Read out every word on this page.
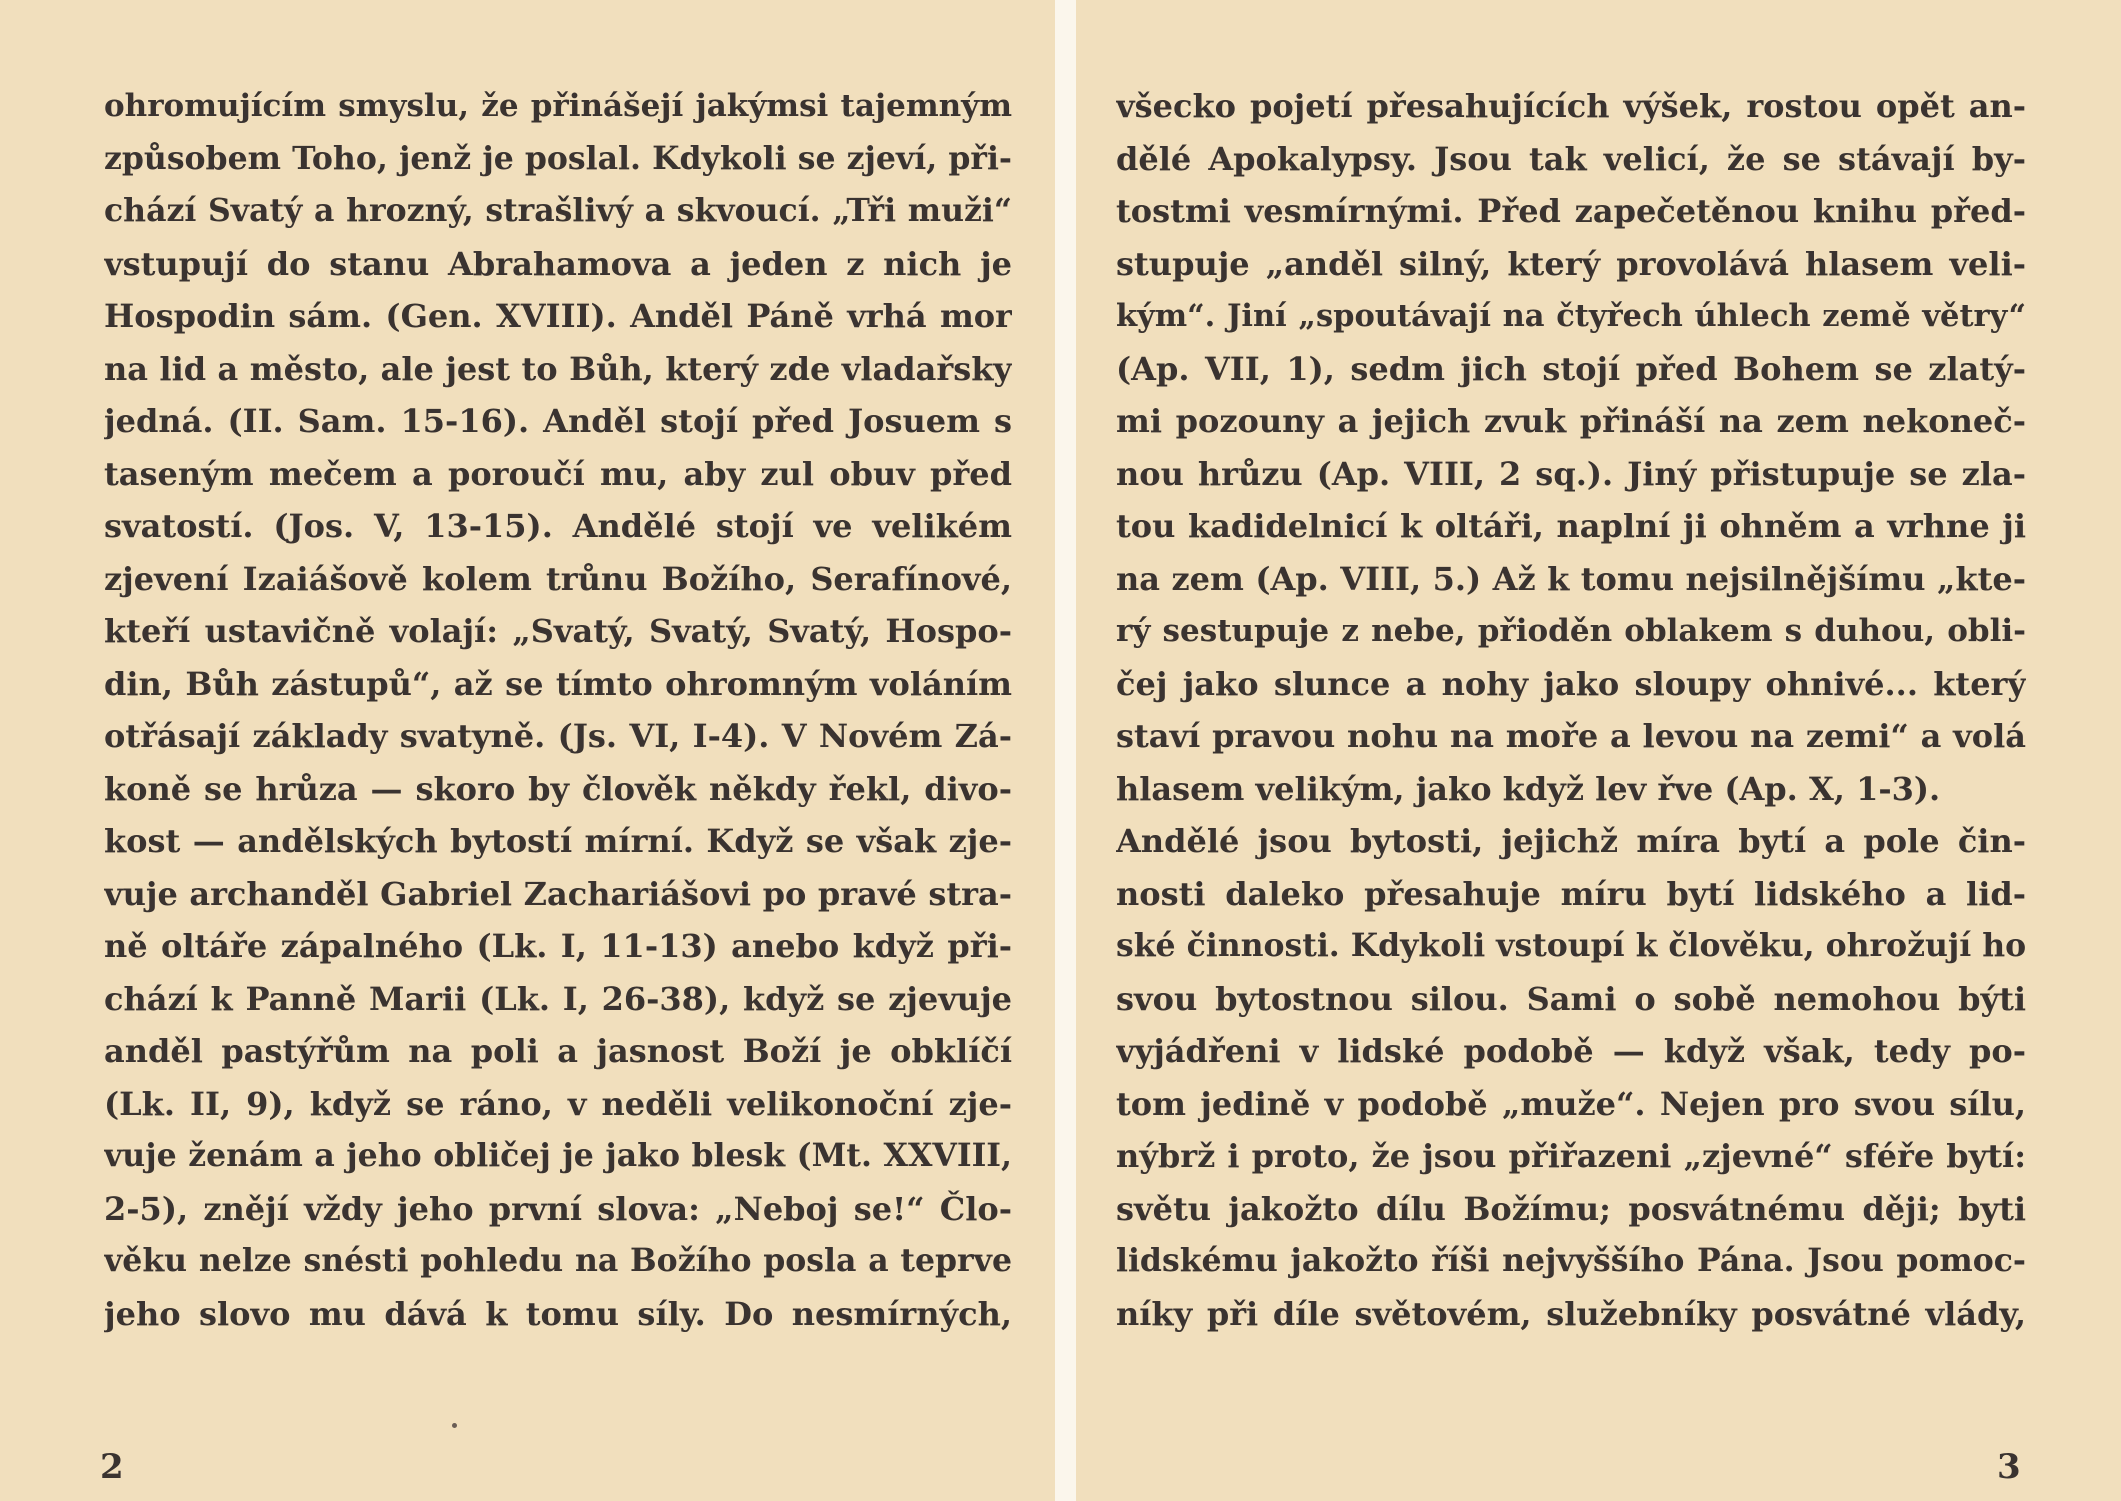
ohromujícím smyslu, že přinášejí jakýmsi tajemným
způsobem Toho, jenž je poslal. Kdykoli se zjeví, při-
chází Svatý a hrozný, strašlivý a skvoucí. „Tři muži“
vstupují do stanu Abrahamova a jeden z nich je
Hospodin sám. (Gen. XVIII). Anděl Páně vrhá mor
na lid a město, ale jest to Bůh, který zde vladařsky
jedná. (II. Sam. 15-16). Anděl stojí před Josuem s
taseným mečem a poroučí mu, aby zul obuv před
svatostí. (Jos. V, 13-15). Andělé stojí ve velikém
zjevení Izaiášově kolem trůnu Božího, Serafínové,
kteří ustavičně volají: „Svatý, Svatý, Svatý, Hospo-
din, Bůh zástupů“, až se tímto ohromným voláním
otřásají základy svatyně. (Js. VI, I-4). V Novém Zá-
koně se hrůza — skoro by člověk někdy řekl, divo-
kost — andělských bytostí mírní. Když se však zje-
vuje archanděl Gabriel Zachariášovi po pravé stra-
ně oltáře zápalného (Lk. I, 11-13) anebo když při-
chází k Panně Marii (Lk. I, 26-38), když se zjevuje
anděl pastýřům na poli a jasnost Boží je obklíčí
(Lk. II, 9), když se ráno, v neděli velikonoční zje-
vuje ženám a jeho obličej je jako blesk (Mt. XXVIII,
2-5), znějí vždy jeho první slova: „Neboj se!“ Člo-
věku nelze snésti pohledu na Božího posla a teprve
jeho slovo mu dává k tomu síly. Do nesmírných,
2
všecko pojetí přesahujících výšek, rostou opět an-
dělé Apokalypsy. Jsou tak velicí, že se stávají by-
tostmi vesmírnými. Před zapečetěnou knihu před-
stupuje „anděl silný, který provolává hlasem veli-
kým“. Jiní „spoutávají na čtyřech úhlech země větry“
(Ap. VII, 1), sedm jich stojí před Bohem se zlatý-
mi pozouny a jejich zvuk přináší na zem nekoneč-
nou hrůzu (Ap. VIII, 2 sq.). Jiný přistupuje se zla-
tou kadidelnicí k oltáři, naplní ji ohněm a vrhne ji
na zem (Ap. VIII, 5.) Až k tomu nejsilnějšímu „kte-
rý sestupuje z nebe, přioděn oblakem s duhou, obli-
čej jako slunce a nohy jako sloupy ohnivé... který
staví pravou nohu na moře a levou na zemi“ a volá
hlasem velikým, jako když lev řve (Ap. X, 1-3).
Andělé jsou bytosti, jejichž míra bytí a pole čin-
nosti daleko přesahuje míru bytí lidského a lid-
ské činnosti. Kdykoli vstoupí k člověku, ohrožují ho
svou bytostnou silou. Sami o sobě nemohou býti
vyjádřeni v lidské podobě — když však, tedy po-
tom jedině v podobě „muže“. Nejen pro svou sílu,
nýbrž i proto, že jsou přiřazeni „zjevné“ sféře bytí:
světu jakožto dílu Božímu; posvátnému ději; byti
lidskému jakožto říši nejvyššího Pána. Jsou pomoc-
níky při díle světovém, služebníky posvátné vlády,
3
